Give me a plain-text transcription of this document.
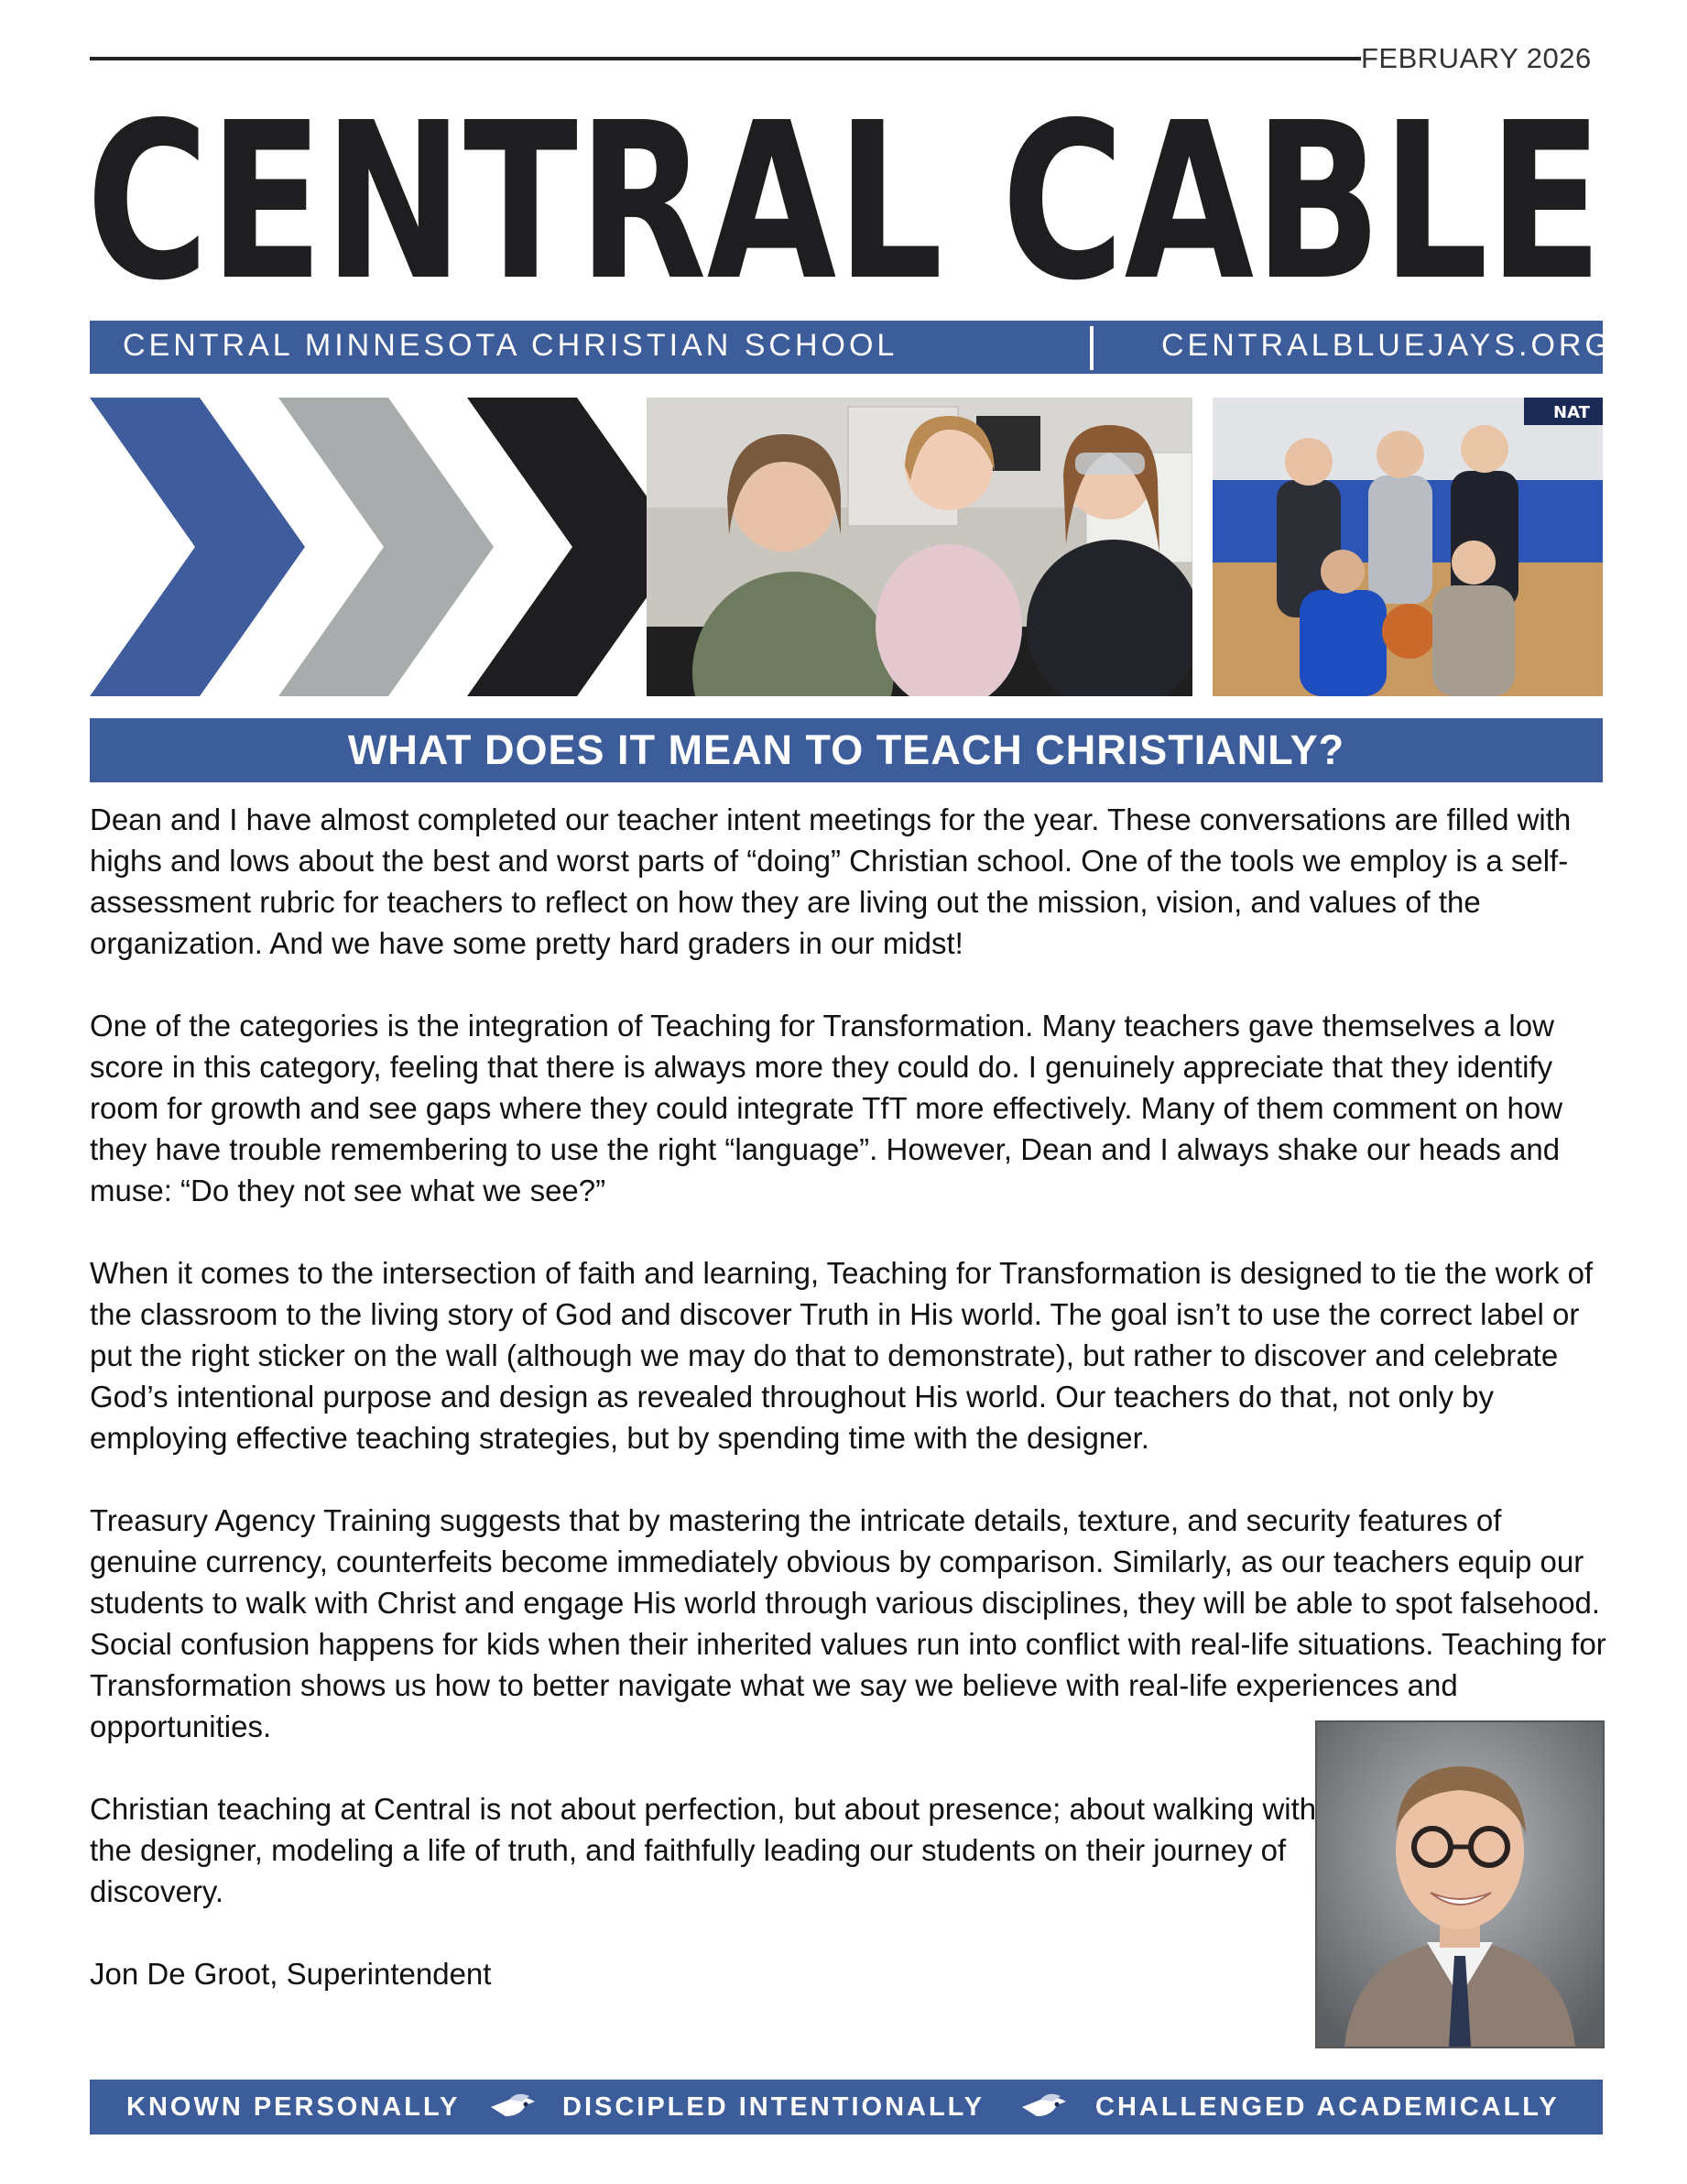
FEBRUARY 2026
CENTRAL CABLE
CENTRAL MINNESOTA CHRISTIAN SCHOOL	CENTRALBLUEJAYS.ORG
NAT
WHAT DOES IT MEAN TO TEACH CHRISTIANLY?

Dean and I have almost completed our teacher intent meetings for the year. These conversations are filled with highs and lows about the best and worst parts of “doing” Christian school. One of the tools we employ is a self-assessment rubric for teachers to reflect on how they are living out the mission, vision, and values of the organization. And we have some pretty hard graders in our midst!

One of the categories is the integration of Teaching for Transformation. Many teachers gave themselves a low score in this category, feeling that there is always more they could do. I genuinely appreciate that they identify room for growth and see gaps where they could integrate TfT more effectively. Many of them comment on how they have trouble remembering to use the right “language”. However, Dean and I always shake our heads and muse: “Do they not see what we see?”

When it comes to the intersection of faith and learning, Teaching for Transformation is designed to tie the work of the classroom to the living story of God and discover Truth in His world. The goal isn’t to use the correct label or put the right sticker on the wall (although we may do that to demonstrate), but rather to discover and celebrate God’s intentional purpose and design as revealed throughout His world. Our teachers do that, not only by employing effective teaching strategies, but by spending time with the designer.

Treasury Agency Training suggests that by mastering the intricate details, texture, and security features of genuine currency, counterfeits become immediately obvious by comparison. Similarly, as our teachers equip our students to walk with Christ and engage His world through various disciplines, they will be able to spot falsehood. Social confusion happens for kids when their inherited values run into conflict with real-life situations. Teaching for Transformation shows us how to better navigate what we say we believe with real-life experiences and opportunities.

Christian teaching at Central is not about perfection, but about presence; about walking with the designer, modeling a life of truth, and faithfully leading our students on their journey of discovery.

Jon De Groot, Superintendent

KNOWN PERSONALLY	DISCIPLED INTENTIONALLY	CHALLENGED ACADEMICALLY
